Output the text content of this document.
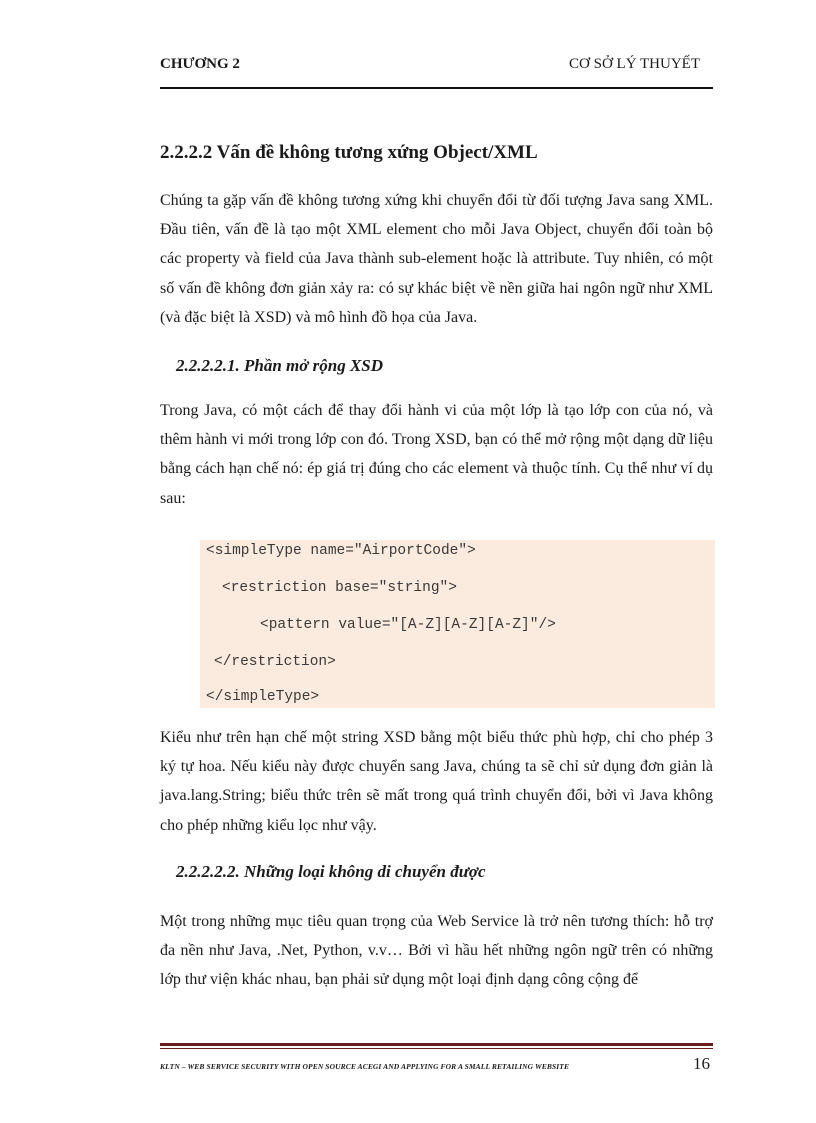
CHƯƠNG 2	CƠ SỞ LÝ THUYẾT
2.2.2.2 Vấn đề không tương xứng Object/XML

Chúng ta gặp vấn đề không tương xứng khi chuyển đổi từ đối tượng Java sang XML. Đầu tiên, vấn đề là tạo một XML element cho mỗi Java Object, chuyển đổi toàn bộ các property và field của Java thành sub-element hoặc là attribute. Tuy nhiên, có một số vấn đề không đơn giản xảy ra: có sự khác biệt về nền giữa hai ngôn ngữ như XML (và đặc biệt là XSD) và mô hình đồ họa của Java.

2.2.2.2.1. Phần mở rộng XSD

Trong Java, có một cách để thay đổi hành vi của một lớp là tạo lớp con của nó, và thêm hành vi mới trong lớp con đó. Trong XSD, bạn có thể mở rộng một dạng dữ liệu bằng cách hạn chế nó: ép giá trị đúng cho các element và thuộc tính. Cụ thể như ví dụ sau:

<simpleType name="AirportCode">
<restriction base="string">
<pattern value="[A-Z][A-Z][A-Z]"/>
</restriction>
</simpleType>

Kiểu như trên hạn chế một string XSD bằng một biểu thức phù hợp, chỉ cho phép 3 ký tự hoa. Nếu kiểu này được chuyển sang Java, chúng ta sẽ chỉ sử dụng đơn giản là java.lang.String; biểu thức trên sẽ mất trong quá trình chuyển đổi, bởi vì Java không cho phép những kiểu lọc như vậy.

2.2.2.2.2. Những loại không di chuyển được

Một trong những mục tiêu quan trọng của Web Service là trở nên tương thích: hỗ trợ đa nền như Java, .Net, Python, v.v… Bởi vì hầu hết những ngôn ngữ trên có những lớp thư viện khác nhau, bạn phải sử dụng một loại định dạng công cộng để

KLTN – WEB SERVICE SECURITY WITH OPEN SOURCE ACEGI AND APPLYING FOR A SMALL RETAILING WEBSITE	16
